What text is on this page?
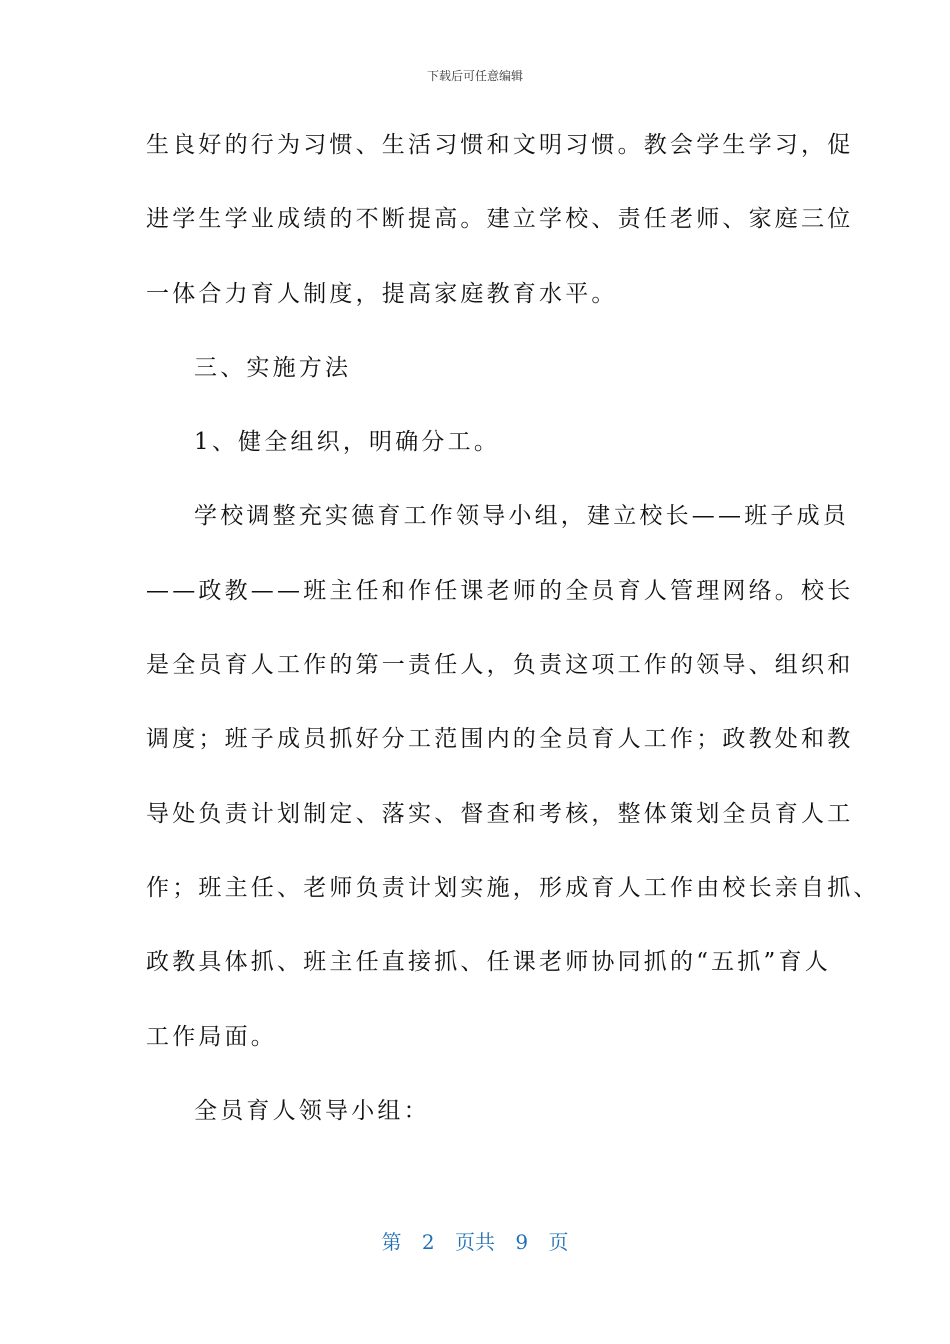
下载后可任意编辑
生良好的行为习惯、生活习惯和文明习惯。教会学生学习，促
进学生学业成绩的不断提高。建立学校、责任老师、家庭三位
一体合力育人制度，提高家庭教育水平。
三、实施方法
1、健全组织，明确分工。
学校调整充实德育工作领导小组，建立校长——班子成员
——政教——班主任和作任课老师的全员育人管理网络。校长
是全员育人工作的第一责任人，负责这项工作的领导、组织和
调度；班子成员抓好分工范围内的全员育人工作；政教处和教
导处负责计划制定、落实、督查和考核，整体策划全员育人工
作；班主任、老师负责计划实施，形成育人工作由校长亲自抓、
政教具体抓、班主任直接抓、任课老师协同抓的“五抓”育人
工作局面。
全员育人领导小组：
第 2 页共 9 页
